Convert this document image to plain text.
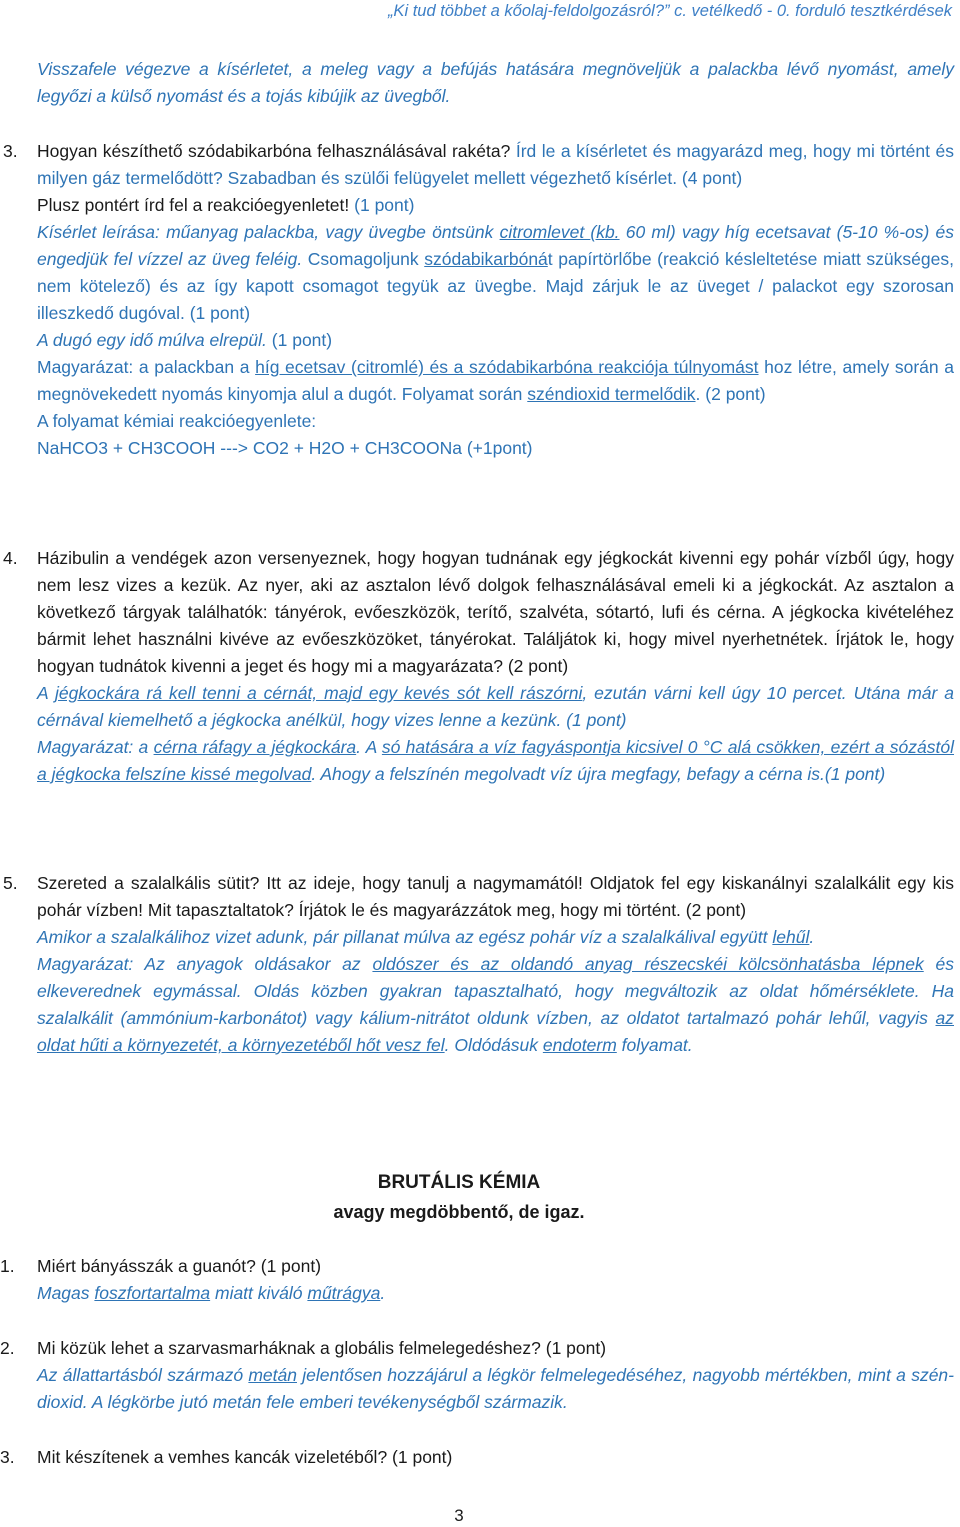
„Ki tud többet a kőolaj-feldolgozásról?” c. vetélkedő - 0. forduló tesztkérdések

Visszafele végezve a kísérletet, a meleg vagy a befújás hatására megnöveljük a palackba lévő nyomást, amely legyőzi a külső nyomást és a tojás kibújik az üvegből.

3. Hogyan készíthető szódabikarbóna felhasználásával rakéta? Írd le a kísérletet és magyarázd meg, hogy mi történt és milyen gáz termelődött? Szabadban és szülői felügyelet mellett végezhető kísérlet. (4 pont)

Plusz pontért írd fel a reakcióegyenletet! (1 pont)

Kísérlet leírása: műanyag palackba, vagy üvegbe öntsünk citromlevet (kb. 60 ml) vagy híg ecetsavat (5-10 %-os) és engedjük fel vízzel az üveg feléig. Csomagoljunk szódabikarbónát papírtörlőbe (reakció késleltetése miatt szükséges, nem kötelező) és az így kapott csomagot tegyük az üvegbe. Majd zárjuk le az üveget / palackot egy szorosan illeszkedő dugóval. (1 pont)

A dugó egy idő múlva elrepül. (1 pont)

Magyarázat: a palackban a híg ecetsav (citromlé) és a szódabikarbóna reakciója túlnyomást hoz létre, amely során a megnövekedett nyomás kinyomja alul a dugót. Folyamat során széndioxid termelődik. (2 pont)

A folyamat kémiai reakcióegyenlete:

NaHCO3 + CH3COOH ---> CO2 + H2O + CH3COONa (+1pont)

4. Házibulin a vendégek azon versenyeznek, hogy hogyan tudnának egy jégkockát kivenni egy pohár vízből úgy, hogy nem lesz vizes a kezük. Az nyer, aki az asztalon lévő dolgok felhasználásával emeli ki a jégkockát. Az asztalon a következő tárgyak találhatók: tányérok, evőeszközök, terítő, szalvéta, sótartó, lufi és cérna. A jégkocka kivételéhez bármit lehet használni kivéve az evőeszközöket, tányérokat. Találjátok ki, hogy mivel nyerhetnétek. Írjátok le, hogy hogyan tudnátok kivenni a jeget és hogy mi a magyarázata? (2 pont)

A jégkockára rá kell tenni a cérnát, majd egy kevés sót kell rászórni, ezután várni kell úgy 10 percet. Utána már a cérnával kiemelhető a jégkocka anélkül, hogy vizes lenne a kezünk. (1 pont)

Magyarázat: a cérna ráfagy a jégkockára. A só hatására a víz fagyáspontja kicsivel 0 °C alá csökken, ezért a sózástól a jégkocka felszíne kissé megolvad. Ahogy a felszínén megolvadt víz újra megfagy, befagy a cérna is.(1 pont)

5. Szereted a szalalkális sütit? Itt az ideje, hogy tanulj a nagymamától! Oldjatok fel egy kiskanálnyi szalalkálit egy kis pohár vízben! Mit tapasztaltatok? Írjátok le és magyarázzátok meg, hogy mi történt. (2 pont)

Amikor a szalalkálihoz vizet adunk, pár pillanat múlva az egész pohár víz a szalalkálival együtt lehűl.

Magyarázat: Az anyagok oldásakor az oldószer és az oldandó anyag részecskéi kölcsönhatásba lépnek és elkeverednek egymással. Oldás közben gyakran tapasztalható, hogy megváltozik az oldat hőmérséklete. Ha szalalkálit (ammónium-karbonátot) vagy kálium-nitrátot oldunk vízben, az oldatot tartalmazó pohár lehűl, vagyis az oldat hűti a környezetét, a környezetéből hőt vesz fel. Oldódásuk endoterm folyamat.

BRUTÁLIS KÉMIA
avagy megdöbbentő, de igaz.
1. Miért bányásszák a guanót? (1 pont)

Magas foszfortartalma miatt kiváló műtrágya.

2. Mi közük lehet a szarvasmarháknak a globális felmelegedéshez? (1 pont)

Az állattartásból származó metán jelentősen hozzájárul a légkör felmelegedéséhez, nagyobb mértékben, mint a szén-dioxid. A légkörbe jutó metán fele emberi tevékenységből származik.

3. Mit készítenek a vemhes kancák vizeletéből? (1 pont)

3
